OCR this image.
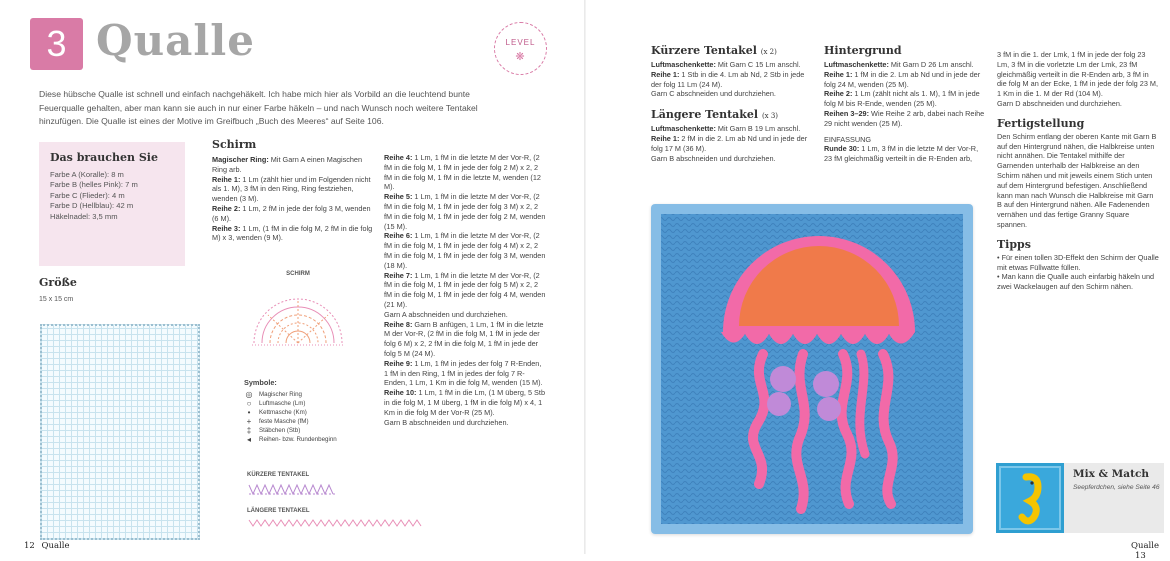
3 Qualle	LEVEL
❋

Diese hübsche Qualle ist schnell und einfach nachgehäkelt. Ich habe mich hier als Vorbild an die leuchtend bunte Feuerqualle gehalten, aber man kann sie auch in nur einer Farbe häkeln – und nach Wunsch noch weitere Tentakel hinzufügen. Die Qualle ist eines der Motive im Greifbuch „Buch des Meeres“ auf Seite 106.

Das brauchen Sie

Farbe A (Koralle): 8 m

Farbe B (helles Pink): 7 m

Farbe C (Flieder): 4 m

Farbe D (Hellblau): 42 m

Häkelnadel: 3,5 mm

Größe
15 x 15 cm
Schirm
Magischer Ring: Mit Garn A einen Magischen Ring arb.
Reihe 1: 1 Lm (zählt hier und im Folgenden nicht als 1. M), 3 fM in den Ring, Ring festziehen, wenden (3 M).
Reihe 2: 1 Lm, 2 fM in jede der folg 3 M, wenden (6 M).
Reihe 3: 1 Lm, (1 fM in die folg M, 2 fM in die folg M) x 3, wenden (9 M).
SCHIRM
Symbole:
◎ Magischer Ring
○	Luftmasche (Lm)
•	Kettmasche (Km)
+	feste Masche (fM)
‡	Stäbchen (Stb)
◂	Reihen- bzw. Rundenbeginn
KÜRZERE TENTAKEL
LÄNGERE TENTAKEL
Reihe 4: 1 Lm, 1 fM in die letzte M der Vor-R, (2 fM in die folg M, 1 fM in jede der folg 2 M) x 2, 2 fM in die folg M, 1 fM in die letzte M, wenden (12 M).
Reihe 5: 1 Lm, 1 fM in die letzte M der Vor-R, (2 fM in die folg M, 1 fM in jede der folg 3 M) x 2, 2 fM in die folg M, 1 fM in jede der folg 2 M, wenden (15 M).
Reihe 6: 1 Lm, 1 fM in die letzte M der Vor-R, (2 fM in die folg M, 1 fM in jede der folg 4 M) x 2, 2 fM in die folg M, 1 fM in jede der folg 3 M, wenden (18 M).
Reihe 7: 1 Lm, 1 fM in die letzte M der Vor-R, (2 fM in die folg M, 1 fM in jede der folg 5 M) x 2, 2 fM in die folg M, 1 fM in jede der folg 4 M, wenden (21 M).
Garn A abschneiden und durchziehen.
Reihe 8: Garn B anfügen, 1 Lm, 1 fM in die letzte M der Vor-R, (2 fM in die folg M, 1 fM in jede der folg 6 M) x 2, 2 fM in die folg M, 1 fM in jede der folg 5 M (24 M).
Reihe 9: 1 Lm, 1 fM in jedes der folg 7 R-Enden, 1 fM in den Ring, 1 fM in jedes der folg 7 R-Enden, 1 Lm, 1 Km in die folg M, wenden (15 M).
Reihe 10: 1 Lm, 1 fM in die Lm, (1 M überg, 5 Stb in die folg M, 1 M überg, 1 fM in die folg M) x 4, 1 Km in die folg M der Vor-R (25 M).
Garn B abschneiden und durchziehen.
12 Qualle
Kürzere Tentakel (x 2)
Luftmaschenkette: Mit Garn C 15 Lm anschl.
Reihe 1: 1 Stb in die 4. Lm ab Nd, 2 Stb in jede der folg 11 Lm (24 M).
Garn C abschneiden und durchziehen.
Längere Tentakel (x 3)
Luftmaschenkette: Mit Garn B 19 Lm anschl.
Reihe 1: 2 fM in die 2. Lm ab Nd und in jede der folg 17 M (36 M).
Garn B abschneiden und durchziehen.
Hintergrund
Luftmaschenkette: Mit Garn D 26 Lm anschl.
Reihe 1: 1 fM in die 2. Lm ab Nd und in jede der folg 24 M, wenden (25 M).
Reihe 2: 1 Lm (zählt nicht als 1. M), 1 fM in jede folg M bis R-Ende, wenden (25 M).
Reihen 3–29: Wie Reihe 2 arb, dabei nach Reihe 29 nicht wenden (25 M).
EINFASSUNG
Runde 30: 1 Lm, 3 fM in die letzte M der Vor-R, 23 fM gleichmäßig verteilt in die R-Enden arb,
3 fM in die 1. der Lmk, 1 fM in jede der folg 23 Lm, 3 fM in die vorletzte Lm der Lmk, 23 fM gleichmäßig verteilt in die R-Enden arb, 3 fM in die folg M an der Ecke, 1 fM in jede der folg 23 M, 1 Km in die 1. M der Rd (104 M).
Garn D abschneiden und durchziehen.
Fertigstellung
Den Schirm entlang der oberen Kante mit Garn B auf den Hintergrund nähen, die Halbkreise unten nicht annähen. Die Tentakel mithilfe der Garnenden unterhalb der Halbkreise an den Schirm nähen und mit jeweils einem Stich unten auf dem Hintergrund befestigen. Anschließend kann man nach Wunsch die Halbkreise mit Garn B auf den Hintergrund nähen. Alle Fadenenden vernähen und das fertige Granny Square spannen.
Tipps
• Für einen tollen 3D-Effekt den Schirm der Qualle mit etwas Füllwatte füllen.
• Man kann die Qualle auch einfarbig häkeln und zwei Wackelaugen auf den Schirm nähen.
Mix & Match
Seepferdchen, siehe Seite 46
Qualle 13
